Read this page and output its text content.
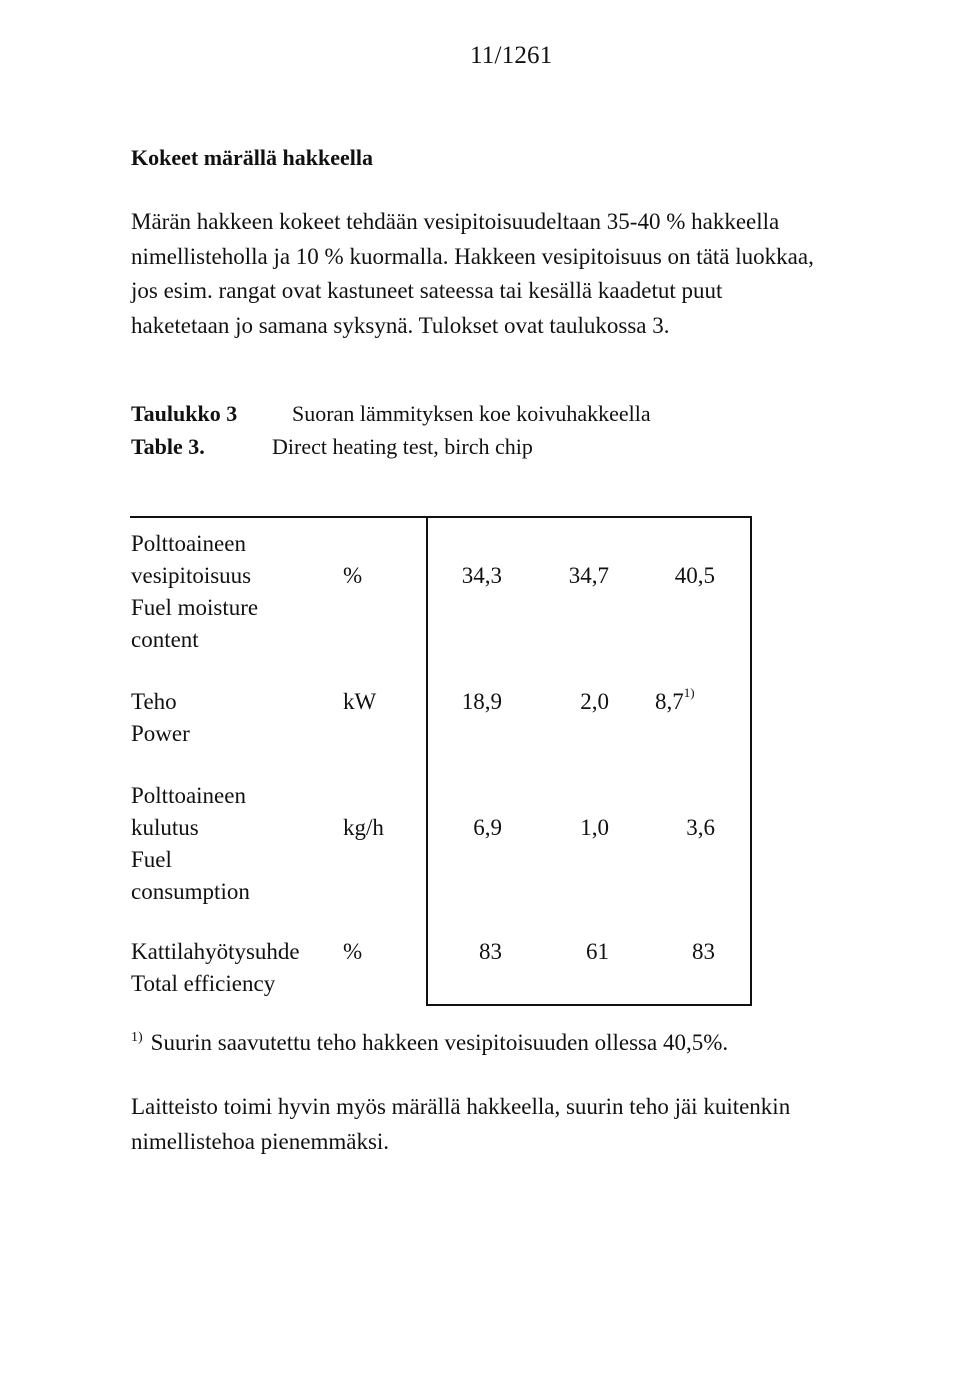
11/1261
Kokeet märällä hakkeella

Märän hakkeen kokeet tehdään vesipitoisuudeltaan 35-40 % hakkeella
nimellisteholla ja 10 % kuormalla. Hakkeen vesipitoisuus on tätä luokkaa,
jos esim. rangat ovat kastuneet sateessa tai kesällä kaadetut puut
haketetaan jo samana syksynä. Tulokset ovat taulukossa 3.

Taulukko 3 Suoran lämmityksen koe koivuhakkeella
Table 3.	Direct heating test, birch chip
Polttoaineen
vesipitoisuus
Fuel moisture
content
%	34,3	34,7	40,5
Teho
Power
kW	18,9	2,0 8,7$^{1)}$
Polttoaineen
kulutus
Fuel
consumption
kg/h	6,9	1,0	3,6
Kattilahyötysuhde
Total efficiency
%	83	61	83
$^{1)}$ Suurin saavutettu teho hakkeen vesipitoisuuden ollessa 40,5%.

Laitteisto toimi hyvin myös märällä hakkeella, suurin teho jäi kuitenkin
nimellistehoa pienemmäksi.
